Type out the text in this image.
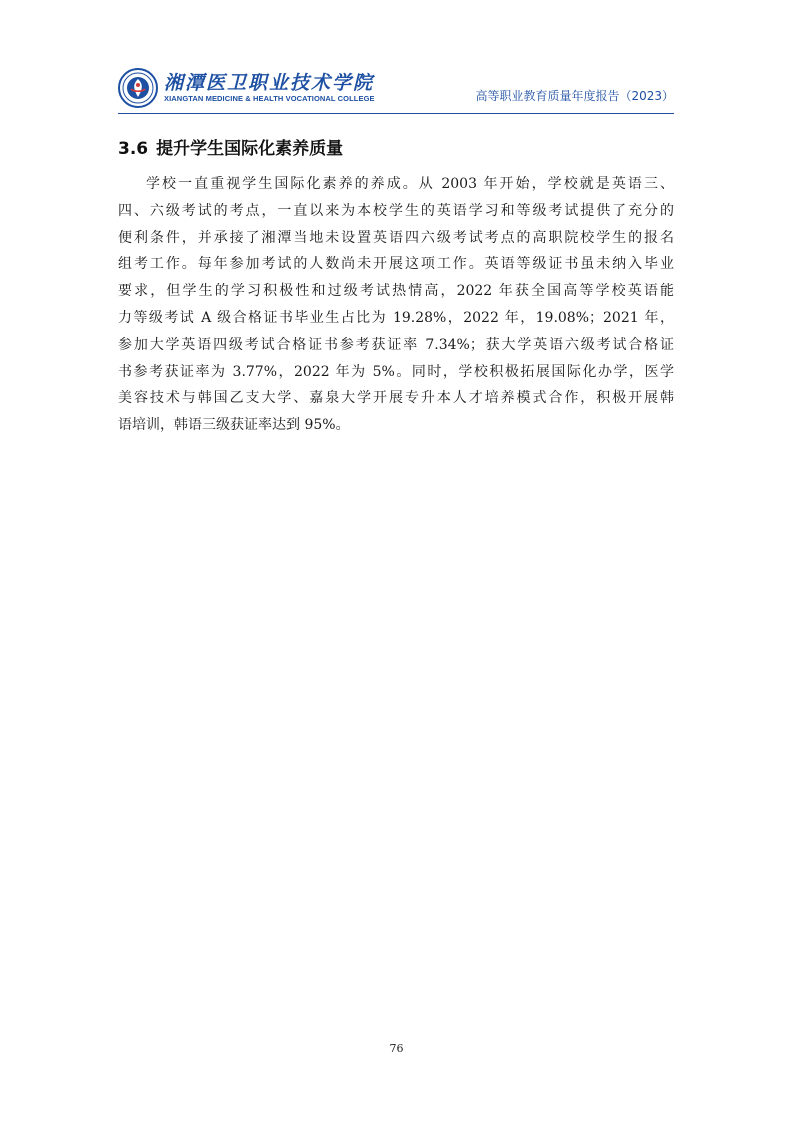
湘潭医卫职业技术学院
XIANGTAN MEDICINE & HEALTH VOCATIONAL COLLEGE	高等职业教育质量年度报告（2023）
3.6 提升学生国际化素养质量
学校一直重视学生国际化素养的养成。从 2003 年开始，学校就是英语三、
四、六级考试的考点，一直以来为本校学生的英语学习和等级考试提供了充分的
便利条件，并承接了湘潭当地未设置英语四六级考试考点的高职院校学生的报名
组考工作。每年参加考试的人数尚未开展这项工作。英语等级证书虽未纳入毕业
要求，但学生的学习积极性和过级考试热情高，2022 年获全国高等学校英语能
力等级考试 A 级合格证书毕业生占比为 19.28%，2022 年，19.08%；2021 年，
参加大学英语四级考试合格证书参考获证率 7.34%；获大学英语六级考试合格证
书参考获证率为 3.77%，2022 年为 5%。同时，学校积极拓展国际化办学，医学
美容技术与韩国乙支大学、嘉泉大学开展专升本人才培养模式合作，积极开展韩
语培训，韩语三级获证率达到 95%。
76
